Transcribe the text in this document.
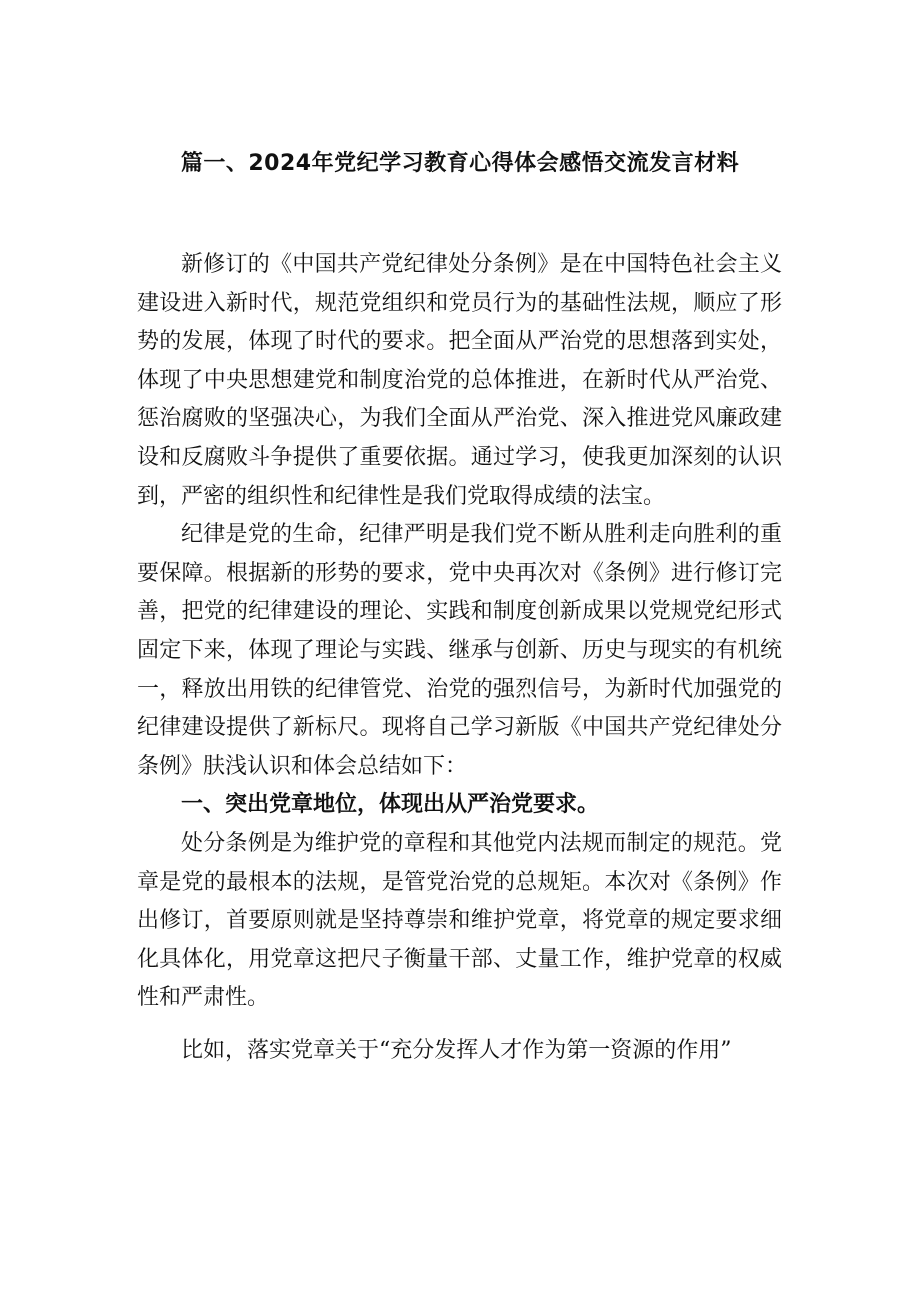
篇一、2024年党纪学习教育心得体会感悟交流发言材料

新修订的《中国共产党纪律处分条例》是在中国特色社会主义建设进入新时代，规范党组织和党员行为的基础性法规，顺应了形势的发展，体现了时代的要求。把全面从严治党的思想落到实处，体现了中央思想建党和制度治党的总体推进，在新时代从严治党、惩治腐败的坚强决心，为我们全面从严治党、深入推进党风廉政建设和反腐败斗争提供了重要依据。通过学习，使我更加深刻的认识到，严密的组织性和纪律性是我们党取得成绩的法宝。

纪律是党的生命，纪律严明是我们党不断从胜利走向胜利的重要保障。根据新的形势的要求，党中央再次对《条例》进行修订完善，把党的纪律建设的理论、实践和制度创新成果以党规党纪形式固定下来，体现了理论与实践、继承与创新、历史与现实的有机统一，释放出用铁的纪律管党、治党的强烈信号，为新时代加强党的纪律建设提供了新标尺。现将自己学习新版《中国共产党纪律处分条例》肤浅认识和体会总结如下：

一、突出党章地位，体现出从严治党要求。

处分条例是为维护党的章程和其他党内法规而制定的规范。党章是党的最根本的法规，是管党治党的总规矩。本次对《条例》作出修订，首要原则就是坚持尊崇和维护党章，将党章的规定要求细化具体化，用党章这把尺子衡量干部、丈量工作，维护党章的权威性和严肃性。

比如，落实党章关于“充分发挥人才作为第一资源的作用”
